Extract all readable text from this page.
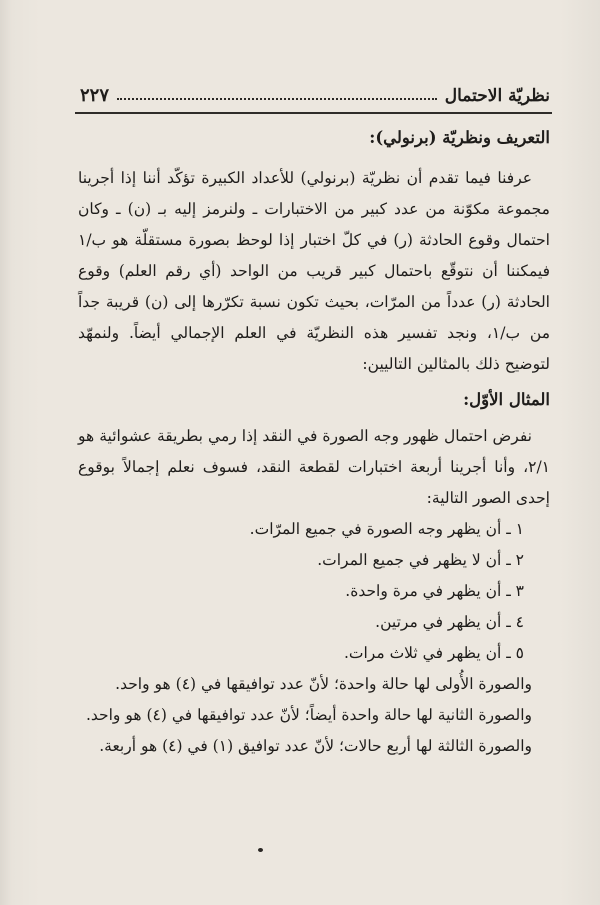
نظريّة الاحتمال
٢٢٧
التعريف ونظريّة (برنولي):

عرفنا فيما تقدم أن نظريّة (برنولي) للأعداد الكبيرة تؤكّد أننا إذا أجرينا مجموعة مكوّنة من عدد كبير من الاختبارات ـ ولنرمز إليه بـ (ن) ـ وكان احتمال وقوع الحادثة (ر) في كلّ اختبار إذا لوحظ بصورة مستقلّة هو ب/١ فيمكننا أن نتوقّع باحتمال كبير قريب من الواحد (أي رقم العلم) وقوع الحادثة (ر) عدداً من المرّات، بحيث تكون نسبة تكرّرها إلى (ن) قريبة جداً من ب/١، ونجد تفسير هذه النظريّة في العلم الإجمالي أيضاً. ولنمهّد لتوضيح ذلك بالمثالين التاليين:

المثال الأوّل:

نفرض احتمال ظهور وجه الصورة في النقد إذا رمي بطريقة عشوائية هو ٢/١، وأنا أجرينا أربعة اختبارات لقطعة النقد، فسوف نعلم إجمالاً بوقوع إحدى الصور التالية:

١ ـ أن يظهر وجه الصورة في جميع المرّات.

٢ ـ أن لا يظهر في جميع المرات.

٣ ـ أن يظهر في مرة واحدة.

٤ ـ أن يظهر في مرتين.

٥ ـ أن يظهر في ثلاث مرات.

والصورة الأُولى لها حالة واحدة؛ لأنّ عدد توافيقها في (٤) هو واحد.

والصورة الثانية لها حالة واحدة أيضاً؛ لأنّ عدد توافيقها في (٤) هو واحد.

والصورة الثالثة لها أربع حالات؛ لأنّ عدد توافيق (١) في (٤) هو أربعة.
